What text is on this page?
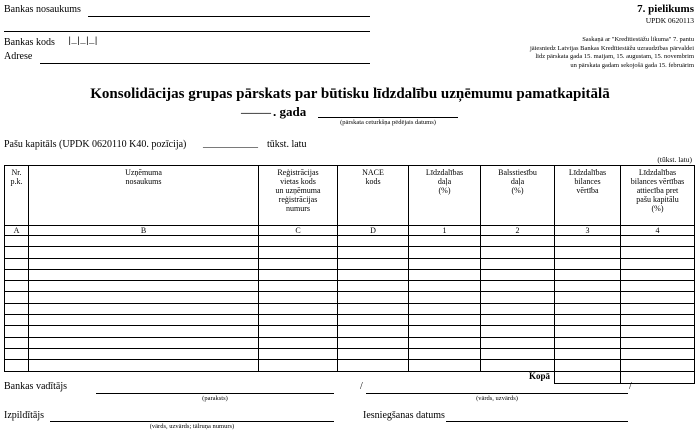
Bankas nosaukums
Bankas kods |_|_|_|
Adrese
7. pielikums
UPDK 0620113
Saskaņā ar "Kredītiestāžu likuma" 7. pantu
jāiesniedz Latvijas Bankas Kredītiestāžu uzraudzības pārvaldei
līdz pārskata gada 15. maijam, 15. augustam, 15. novembrim
un pārskata gadam sekojošā gada 15. februārim
Konsolidācijas grupas pārskats par būtisku līdzdalību uzņēmumu pamatkapitālā
______ . gada
(pārskata ceturkšņa pēdējais datums)
Pašu kapitāls (UPDK 0620110 K40. pozīcija) ___________ tūkst. latu
(tūkst. latu)
Nr.
p.k.	Uzņēmuma
nosaukums	Reģistrācijas
vietas kods
un uzņēmuma
reģistrācijas
numurs	NACE
kods	Līdzdalības
daļa
(%)	Balsstiesību
daļa
(%)	Līdzdalības
bilances
vērtība	Līdzdalības
bilances vērtības
attiecība pret
pašu kapitālu
(%)
A	B	C	D	1	2	3	4

Kopā							
Bankas vadītājs
(paraksts)
/	/
(vārds, uzvārds)
Izpildītājs
(vārds, uzvārds; tālruņa numurs)
Iesniegšanas datums
